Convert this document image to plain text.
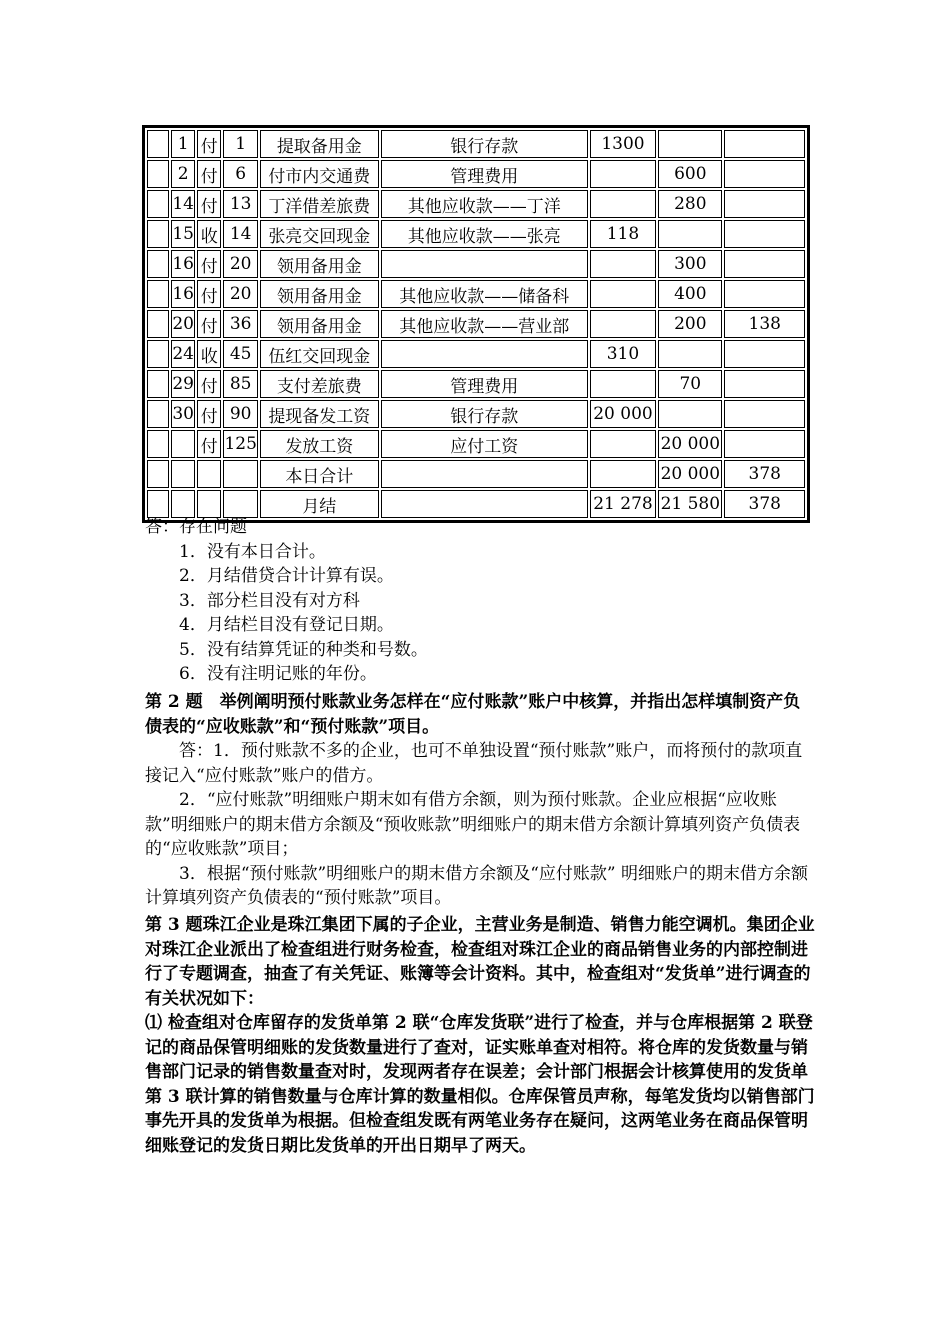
	1	付	1	提取备用金	银行存款	1300		
	2	付	6	付市内交通费	管理费用		600	
	14	付	13	丁洋借差旅费	其他应收款——丁洋		280	
	15	收	14	张亮交回现金	其他应收款——张亮	118		
	16	付	20	领用备用金			300	
	16	付	20	领用备用金	其他应收款——储备科		400	
	20	付	36	领用备用金	其他应收款——营业部		200	138
	24	收	45	伍红交回现金		310		
	29	付	85	支付差旅费	管理费用		70	
	30	付	90	提现备发工资	银行存款	20 000		
		付	125	发放工资	应付工资		20 000	
				本日合计			20 000	378
				月结		21 278	21 580	378

答：存在问题

1．没有本日合计。

2．月结借贷合计计算有误。

3．部分栏目没有对方科

4．月结栏目没有登记日期。

5．没有结算凭证的种类和号数。

6．没有注明记账的年份。

第 2 题　举例阐明预付账款业务怎样在“应付账款”账户中核算，并指出怎样填制资产负债表的“应收账款”和“预付账款”项目。

答：1．预付账款不多的企业，也可不单独设置“预付账款”账户，而将预付的款项直接记入“应付账款”账户的借方。

2．“应付账款”明细账户期末如有借方余额，则为预付账款。企业应根据“应收账款”明细账户的期末借方余额及“预收账款”明细账户的期末借方余额计算填列资产负债表的“应收账款”项目；

3．根据“预付账款”明细账户的期末借方余额及“应付账款” 明细账户的期末借方余额计算填列资产负债表的“预付账款”项目。

第 3 题珠江企业是珠江集团下属的子企业，主营业务是制造、销售力能空调机。集团企业对珠江企业派出了检查组进行财务检查，检查组对珠江企业的商品销售业务的内部控制进行了专题调查，抽查了有关凭证、账簿等会计资料。其中，检查组对“发货单”进行调查的有关状况如下：

⑴ 检查组对仓库留存的发货单第 2 联“仓库发货联”进行了检查，并与仓库根据第 2 联登记的商品保管明细账的发货数量进行了查对，证实账单查对相符。将仓库的发货数量与销售部门记录的销售数量查对时，发现两者存在误差；会计部门根据会计核算使用的发货单第 3 联计算的销售数量与仓库计算的数量相似。仓库保管员声称，每笔发货均以销售部门事先开具的发货单为根据。但检查组发既有两笔业务存在疑问，这两笔业务在商品保管明细账登记的发货日期比发货单的开出日期早了两天。
